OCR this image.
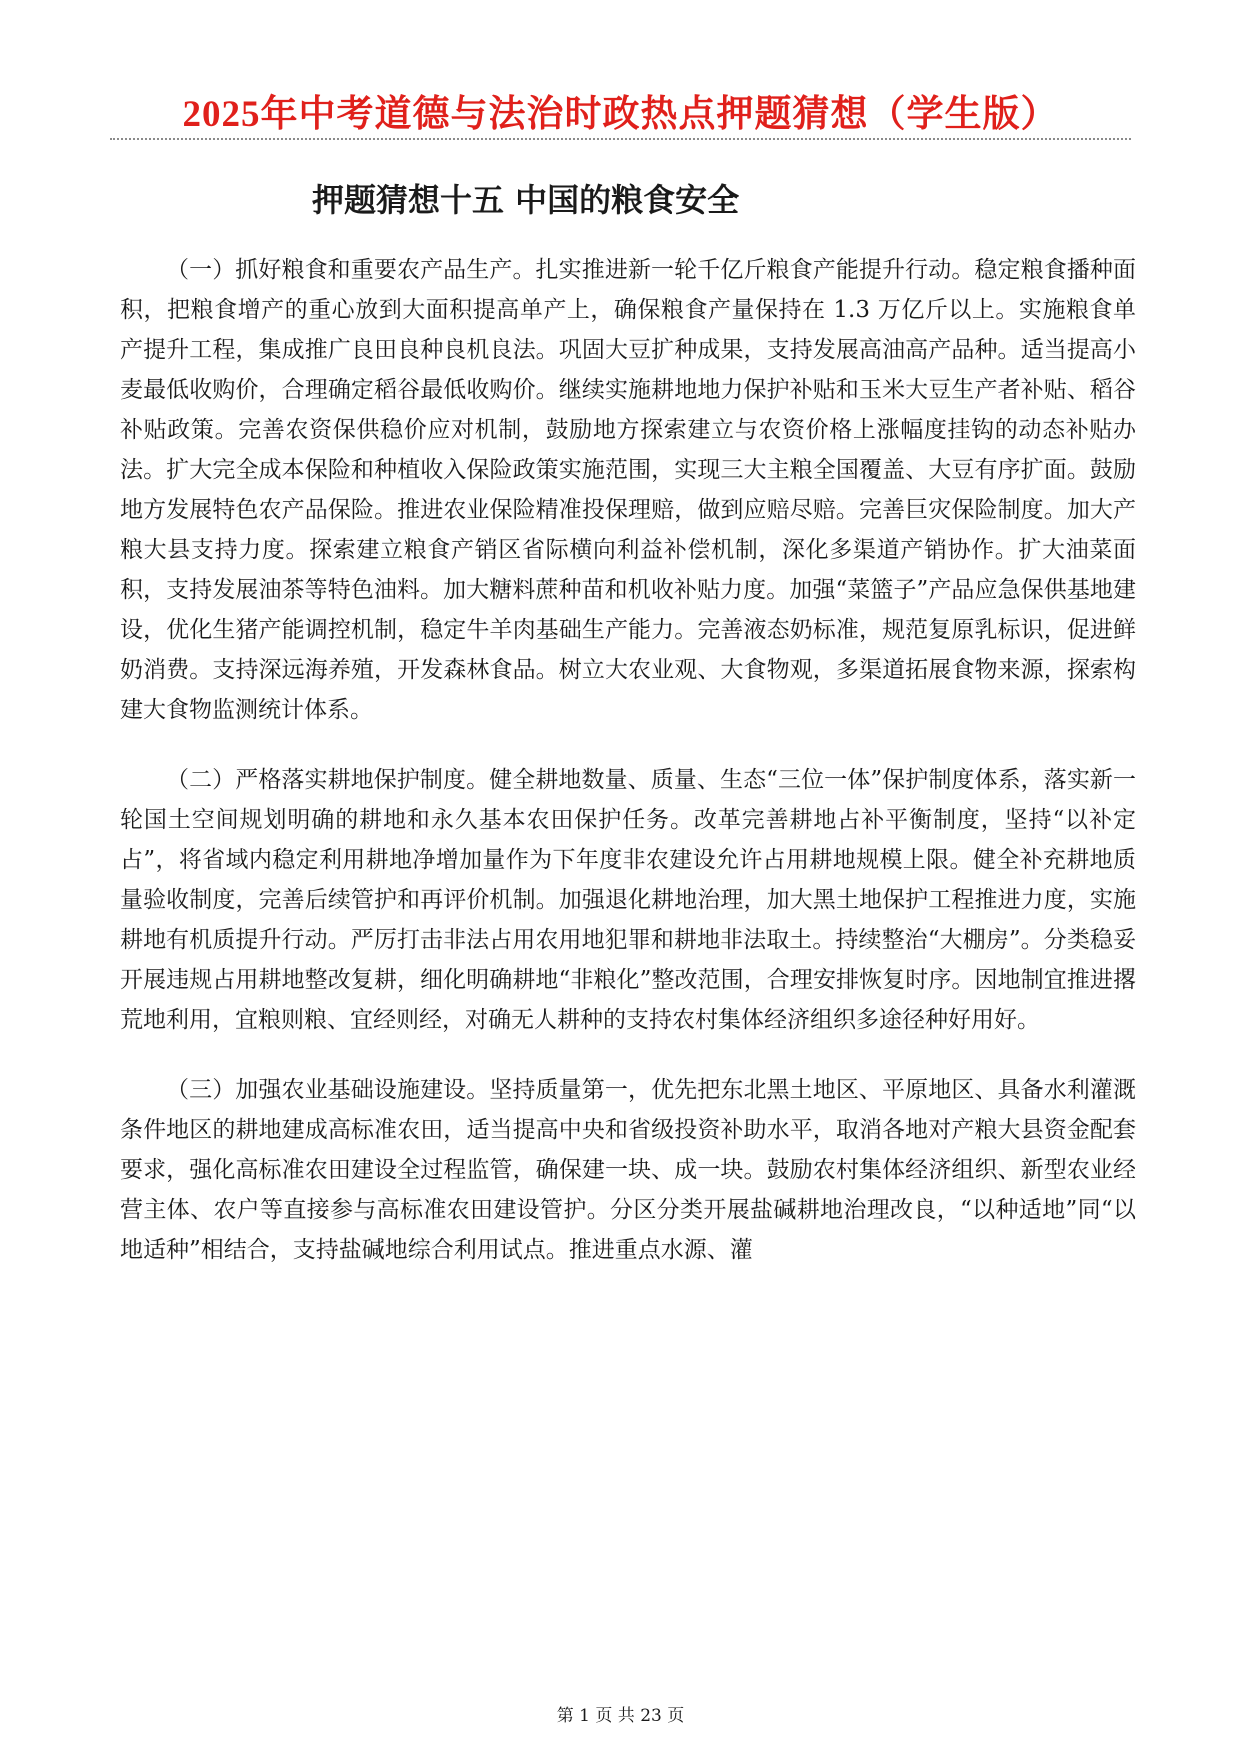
2025年中考道德与法治时政热点押题猜想（学生版）
押题猜想十五 中国的粮食安全

（一）抓好粮食和重要农产品生产。扎实推进新一轮千亿斤粮食产能提升行动。稳定粮食播种面积，把粮食增产的重心放到大面积提高单产上，确保粮食产量保持在 1.3 万亿斤以上。实施粮食单产提升工程，集成推广良田良种良机良法。巩固大豆扩种成果，支持发展高油高产品种。适当提高小麦最低收购价，合理确定稻谷最低收购价。继续实施耕地地力保护补贴和玉米大豆生产者补贴、稻谷补贴政策。完善农资保供稳价应对机制，鼓励地方探索建立与农资价格上涨幅度挂钩的动态补贴办法。扩大完全成本保险和种植收入保险政策实施范围，实现三大主粮全国覆盖、大豆有序扩面。鼓励地方发展特色农产品保险。推进农业保险精准投保理赔，做到应赔尽赔。完善巨灾保险制度。加大产粮大县支持力度。探索建立粮食产销区省际横向利益补偿机制，深化多渠道产销协作。扩大油菜面积，支持发展油茶等特色油料。加大糖料蔗种苗和机收补贴力度。加强“菜篮子”产品应急保供基地建设，优化生猪产能调控机制，稳定牛羊肉基础生产能力。完善液态奶标准，规范复原乳标识，促进鲜奶消费。支持深远海养殖，开发森林食品。树立大农业观、大食物观，多渠道拓展食物来源，探索构建大食物监测统计体系。

（二）严格落实耕地保护制度。健全耕地数量、质量、生态“三位一体”保护制度体系，落实新一轮国土空间规划明确的耕地和永久基本农田保护任务。改革完善耕地占补平衡制度，坚持“以补定占”，将省域内稳定利用耕地净增加量作为下年度非农建设允许占用耕地规模上限。健全补充耕地质量验收制度，完善后续管护和再评价机制。加强退化耕地治理，加大黑土地保护工程推进力度，实施耕地有机质提升行动。严厉打击非法占用农用地犯罪和耕地非法取土。持续整治“大棚房”。分类稳妥开展违规占用耕地整改复耕，细化明确耕地“非粮化”整改范围，合理安排恢复时序。因地制宜推进撂荒地利用，宜粮则粮、宜经则经，对确无人耕种的支持农村集体经济组织多途径种好用好。

（三）加强农业基础设施建设。坚持质量第一，优先把东北黑土地区、平原地区、具备水利灌溉条件地区的耕地建成高标准农田，适当提高中央和省级投资补助水平，取消各地对产粮大县资金配套要求，强化高标准农田建设全过程监管，确保建一块、成一块。鼓励农村集体经济组织、新型农业经营主体、农户等直接参与高标准农田建设管护。分区分类开展盐碱耕地治理改良，“以种适地”同“以地适种”相结合，支持盐碱地综合利用试点。推进重点水源、灌

第 1 页 共 23 页
